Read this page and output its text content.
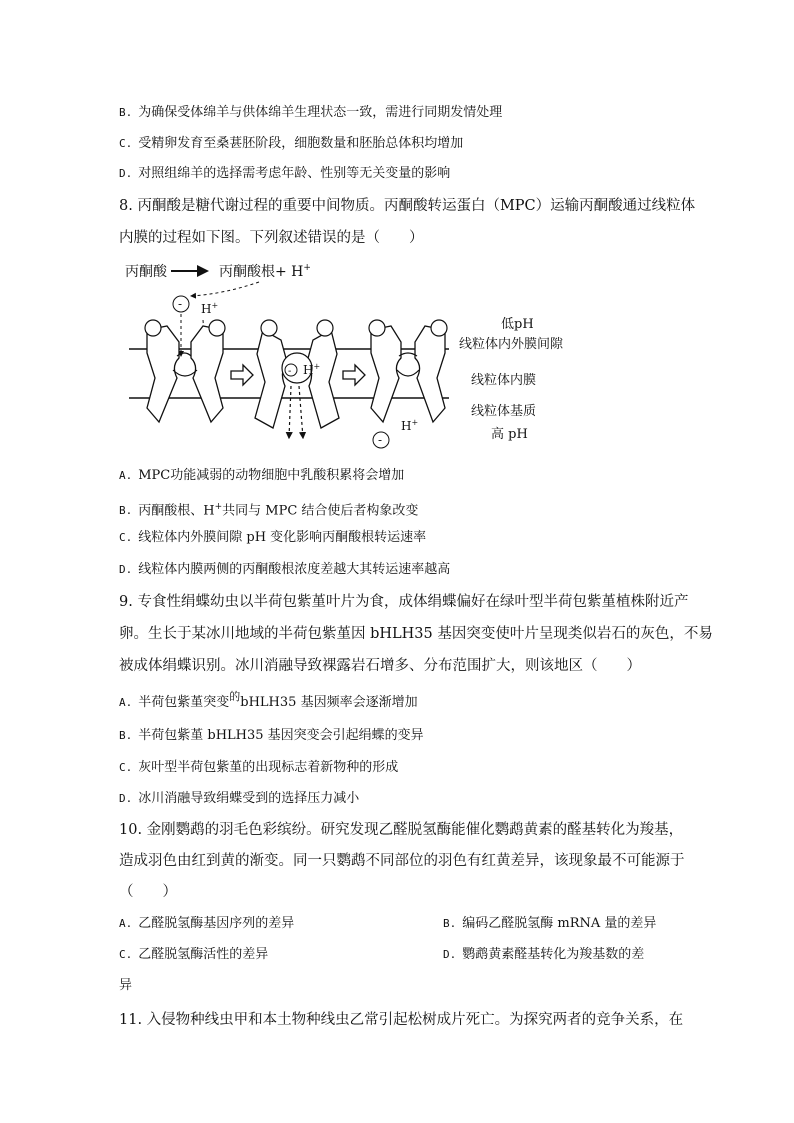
B. 为确保受体绵羊与供体绵羊生理状态一致，需进行同期发情处理
C. 受精卵发育至桑葚胚阶段，细胞数量和胚胎总体积均增加
D. 对照组绵羊的选择需考虑年龄、性别等无关变量的影响
8. 丙酮酸是糖代谢过程的重要中间物质。丙酮酸转运蛋白（MPC）运输丙酮酸通过线粒体
内膜的过程如下图。下列叙述错误的是（　　）
丙酮酸	丙酮酸根+ H+
- H+
- H+
-
H+
低pH
线粒体内外膜间隙
线粒体内膜
线粒体基质
高 pH
A. MPC功能减弱的动物细胞中乳酸积累将会增加
B. 丙酮酸根、H+共同与 MPC 结合使后者构象改变
C. 线粒体内外膜间隙 pH 变化影响丙酮酸根转运速率
D. 线粒体内膜两侧的丙酮酸根浓度差越大其转运速率越高
9. 专食性绢蝶幼虫以半荷包紫堇叶片为食，成体绢蝶偏好在绿叶型半荷包紫堇植株附近产
卵。生长于某冰川地域的半荷包紫堇因 bHLH35 基因突变使叶片呈现类似岩石的灰色，不易
被成体绢蝶识别。冰川消融导致裸露岩石增多、分布范围扩大，则该地区（　　）
A. 半荷包紫堇突变$^的$bHLH35 基因频率会逐渐增加
B. 半荷包紫堇 bHLH35 基因突变会引起绢蝶的变异
C. 灰叶型半荷包紫堇的出现标志着新物种的形成
D. 冰川消融导致绢蝶受到的选择压力减小
10. 金刚鹦鹉的羽毛色彩缤纷。研究发现乙醛脱氢酶能催化鹦鹉黄素的醛基转化为羧基，
造成羽色由红到黄的渐变。同一只鹦鹉不同部位的羽色有红黄差异，该现象最不可能源于
（　　）
A. 乙醛脱氢酶基因序列的差异	B. 编码乙醛脱氢酶 mRNA 量的差异
C. 乙醛脱氢酶活性的差异	D. 鹦鹉黄素醛基转化为羧基数的差
异
11. 入侵物种线虫甲和本土物种线虫乙常引起松树成片死亡。为探究两者的竞争关系，在
